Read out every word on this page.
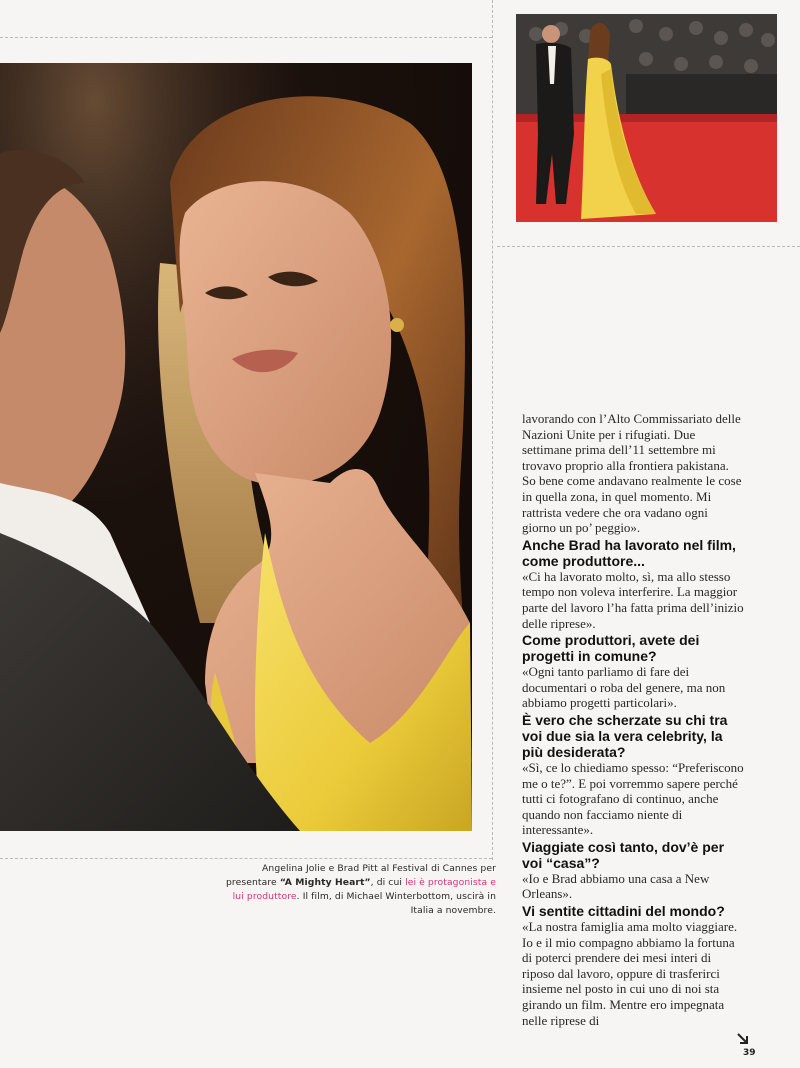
Angelina Jolie e Brad Pitt al Festival di Cannes per presentare “A Mighty Heart”, di cui lei è protagonista e lui produttore. Il film, di Michael Winterbottom, uscirà in Italia a novembre.

lavorando con l’Alto Commissariato delle Nazioni Unite per i rifugiati. Due settimane prima dell’11 settembre mi trovavo proprio alla frontiera pakistana. So bene come andavano realmente le cose in quella zona, in quel momento. Mi rattrista vedere che ora vadano ogni giorno un po’ peggio».

Anche Brad ha lavorato nel film, come produttore...

«Ci ha lavorato molto, sì, ma allo stesso tempo non voleva interferire. La maggior parte del lavoro l’ha fatta prima dell’inizio delle riprese».

Come produttori, avete dei progetti in comune?

«Ogni tanto parliamo di fare dei documentari o roba del genere, ma non abbiamo progetti particolari».

È vero che scherzate su chi tra voi due sia la vera celebrity, la più desiderata?

«Sì, ce lo chiediamo spesso: “Preferiscono me o te?”. E poi vorremmo sapere perché tutti ci fotografano di continuo, anche quando non facciamo niente di interessante».

Viaggiate così tanto, dov’è per voi “casa”?

«Io e Brad abbiamo una casa a New Orleans».

Vi sentite cittadini del mondo?

«La nostra famiglia ama molto viaggiare. Io e il mio compagno abbiamo la fortuna di poterci prendere dei mesi interi di riposo dal lavoro, oppure di trasferirci insieme nel posto in cui uno di noi sta girando un film. Mentre ero impegnata nelle riprese di

39
